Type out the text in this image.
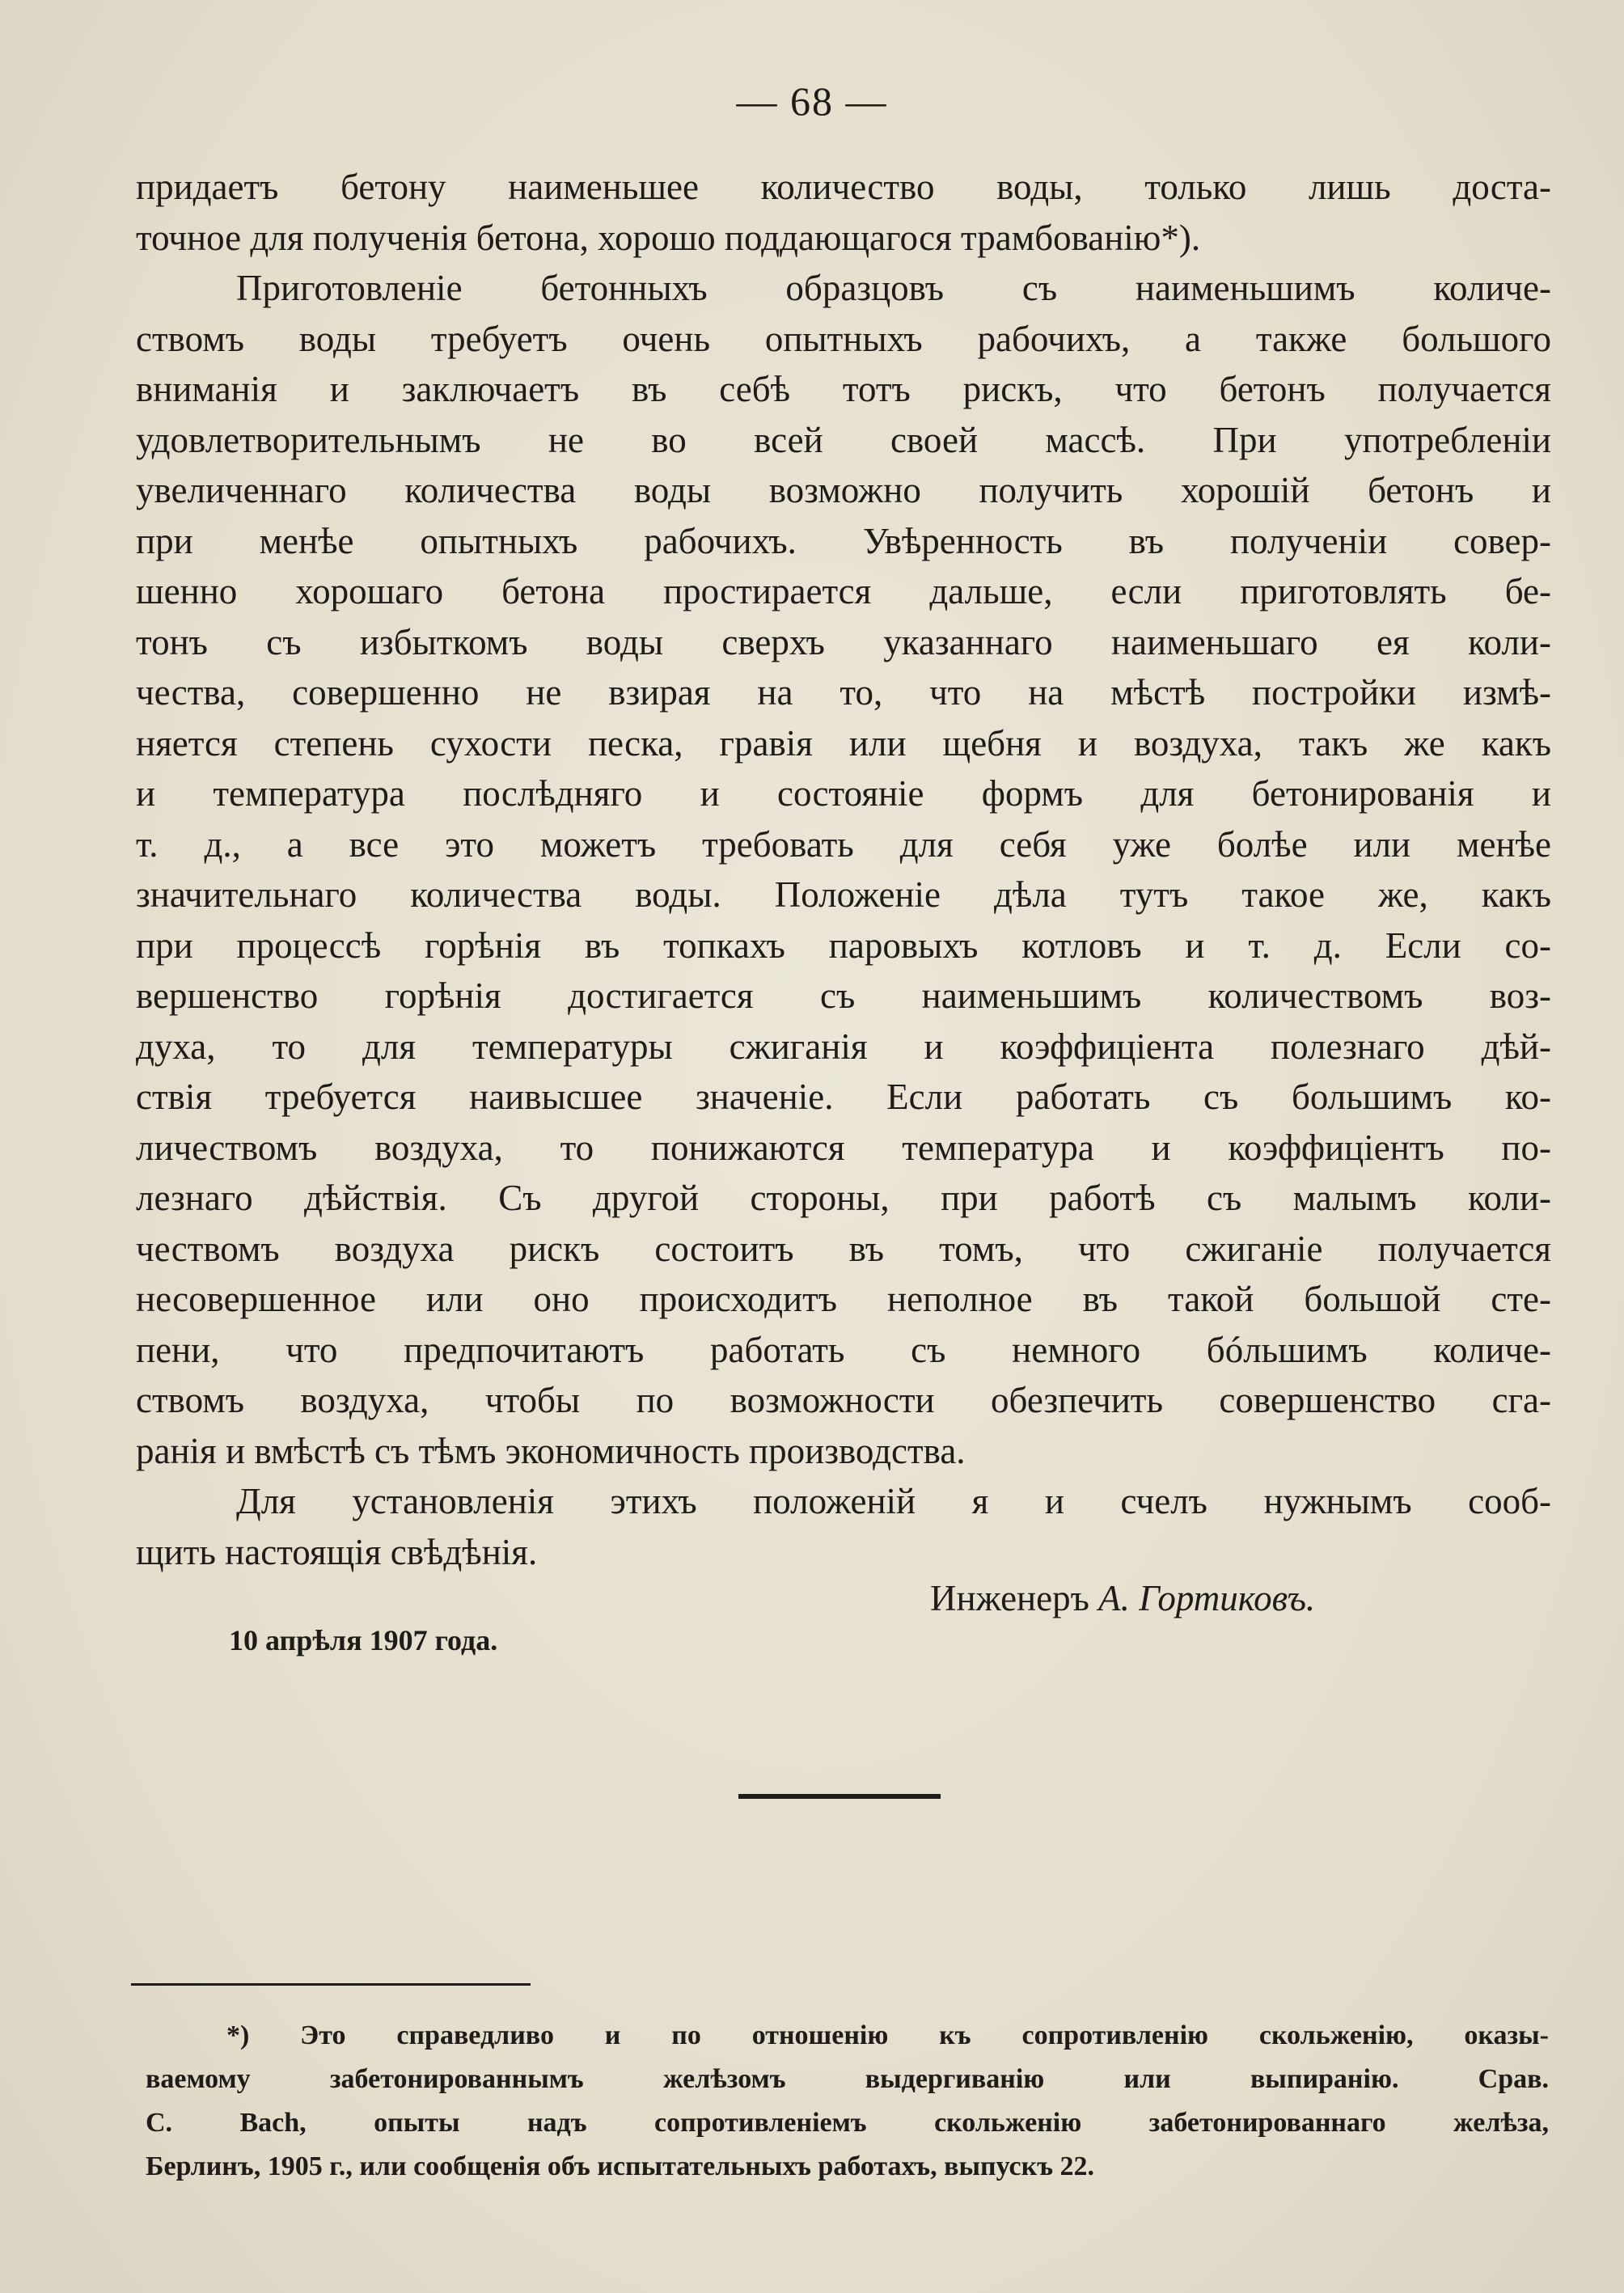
— 68 —
придаетъ бетону наименьшее количество воды, только лишь доста-
точное для полученія бетона, хорошо поддающагося трамбованію*).
Приготовленіе бетонныхъ образцовъ съ наименьшимъ количе-
ствомъ воды требуетъ очень опытныхъ рабочихъ, а также большого
вниманія и заключаетъ въ себѣ тотъ рискъ, что бетонъ получается
удовлетворительнымъ не во всей своей массѣ. При употребленіи
увеличеннаго количества воды возможно получить хорошій бетонъ и
при менѣе опытныхъ рабочихъ. Увѣренность въ полученіи совер-
шенно хорошаго бетона простирается дальше, если приготовлять бе-
тонъ съ избыткомъ воды сверхъ указаннаго наименьшаго ея коли-
чества, совершенно не взирая на то, что на мѣстѣ постройки измѣ-
няется степень сухости песка, гравія или щебня и воздуха, такъ же какъ
и температура послѣдняго и состояніе формъ для бетонированія и
т. д., а все это можетъ требовать для себя уже болѣе или менѣе
значительнаго количества воды. Положеніе дѣла тутъ такое же, какъ
при процессѣ горѣнія въ топкахъ паровыхъ котловъ и т. д. Если со-
вершенство горѣнія достигается съ наименьшимъ количествомъ воз-
духа, то для температуры сжиганія и коэффиціента полезнаго дѣй-
ствія требуется наивысшее значеніе. Если работать съ большимъ ко-
личествомъ воздуха, то понижаются температура и коэффиціентъ по-
лезнаго дѣйствія. Съ другой стороны, при работѣ съ малымъ коли-
чествомъ воздуха рискъ состоитъ въ томъ, что сжиганіе получается
несовершенное или оно происходитъ неполное въ такой большой сте-
пени, что предпочитаютъ работать съ немного бóльшимъ количе-
ствомъ воздуха, чтобы по возможности обезпечить совершенство сга-
ранія и вмѣстѣ съ тѣмъ экономичность производства.
Для установленія этихъ положеній я и счелъ нужнымъ сооб-
щить настоящія свѣдѣнія.
Инженеръ А. Гортиковъ.
10 апрѣля 1907 года.
*) Это справедливо и по отношенію къ сопротивленію скольженію, оказы-
ваемому забетонированнымъ желѣзомъ выдергиванію или выпиранію. Срав.
С. Bach, опыты надъ сопротивленіемъ скольженію забетонированнаго желѣза,
Берлинъ, 1905 г., или сообщенія объ испытательныхъ работахъ, выпускъ 22.
